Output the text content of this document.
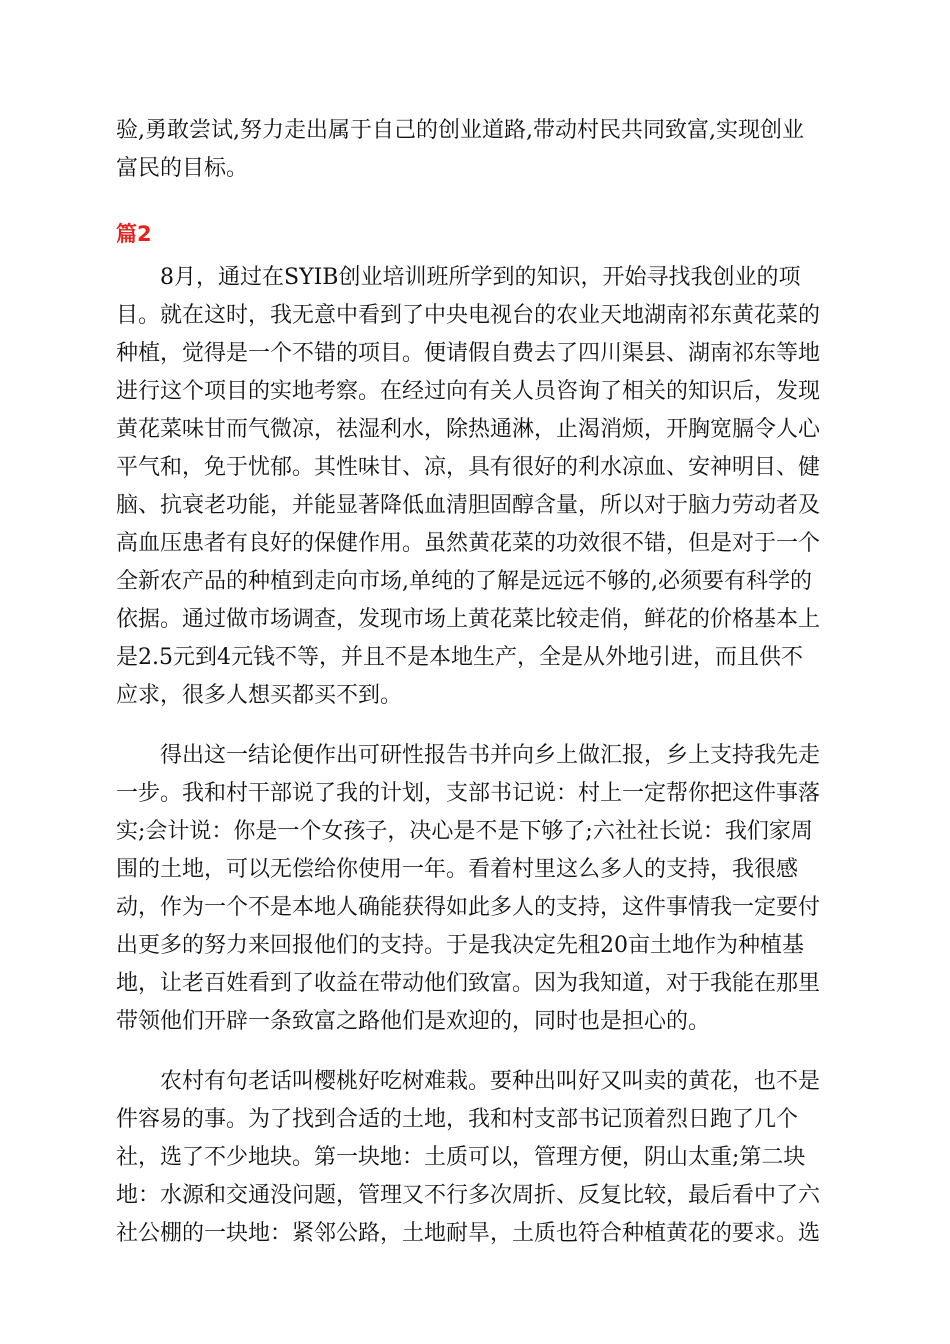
验,勇敢尝试,努力走出属于自己的创业道路,带动村民共同致富,实现创业
富民的目标。
篇2
　　8月，通过在SYIB创业培训班所学到的知识，开始寻找我创业的项
目。就在这时，我无意中看到了中央电视台的农业天地湖南祁东黄花菜的
种植，觉得是一个不错的项目。便请假自费去了四川渠县、湖南祁东等地
进行这个项目的实地考察。在经过向有关人员咨询了相关的知识后，发现
黄花菜味甘而气微凉，祛湿利水，除热通淋，止渴消烦，开胸宽膈令人心
平气和，免于忧郁。其性味甘、凉，具有很好的利水凉血、安神明目、健
脑、抗衰老功能，并能显著降低血清胆固醇含量，所以对于脑力劳动者及
高血压患者有良好的保健作用。虽然黄花菜的功效很不错，但是对于一个
全新农产品的种植到走向市场,单纯的了解是远远不够的,必须要有科学的
依据。通过做市场调查，发现市场上黄花菜比较走俏，鲜花的价格基本上
是2.5元到4元钱不等，并且不是本地生产，全是从外地引进，而且供不
应求，很多人想买都买不到。
　　得出这一结论便作出可研性报告书并向乡上做汇报，乡上支持我先走
一步。我和村干部说了我的计划，支部书记说：村上一定帮你把这件事落
实;会计说：你是一个女孩子，决心是不是下够了;六社社长说：我们家周
围的土地，可以无偿给你使用一年。看着村里这么多人的支持，我很感
动，作为一个不是本地人确能获得如此多人的支持，这件事情我一定要付
出更多的努力来回报他们的支持。于是我决定先租20亩土地作为种植基
地，让老百姓看到了收益在带动他们致富。因为我知道，对于我能在那里
带领他们开辟一条致富之路他们是欢迎的，同时也是担心的。
　　农村有句老话叫樱桃好吃树难栽。要种出叫好又叫卖的黄花，也不是
件容易的事。为了找到合适的土地，我和村支部书记顶着烈日跑了几个
社，选了不少地块。第一块地：土质可以，管理方便，阴山太重;第二块
地：水源和交通没问题，管理又不行多次周折、反复比较，最后看中了六
社公棚的一块地：紧邻公路，土地耐旱，土质也符合种植黄花的要求。选
